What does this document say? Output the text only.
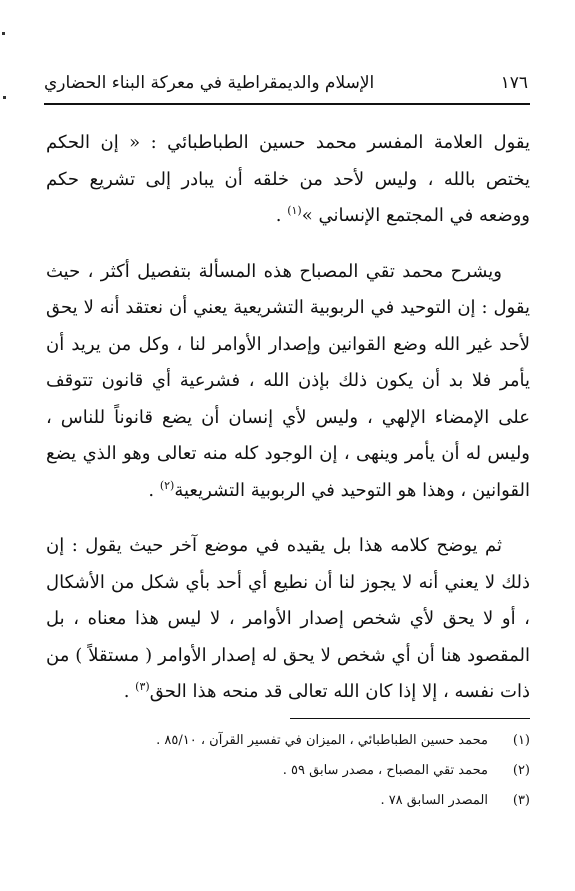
١٧٦
الإسلام والديمقراطية في معركة البناء الحضاري

يقول العلامة المفسر محمد حسين الطباطبائي : « إن الحكم يختص بالله ، وليس لأحد من خلقه أن يبادر إلى تشريع حكم ووضعه في المجتمع الإنساني »$^{(١)}$ .

ويشرح محمد تقي المصباح هذه المسألة بتفصيل أكثر ، حيث يقول : إن التوحيد في الربوبية التشريعية يعني أن نعتقد أنه لا يحق لأحد غير الله وضع القوانين وإصدار الأوامر لنا ، وكل من يريد أن يأمر فلا بد أن يكون ذلك بإذن الله ، فشرعية أي قانون تتوقف على الإمضاء الإلهي ، وليس لأي إنسان أن يضع قانوناً للناس ، وليس له أن يأمر وينهى ، إن الوجود كله منه تعالى وهو الذي يضع القوانين ، وهذا هو التوحيد في الربوبية التشريعية$^{(٢)}$ .

ثم يوضح كلامه هذا بل يقيده في موضع آخر حيث يقول : إن ذلك لا يعني أنه لا يجوز لنا أن نطيع أي أحد بأي شكل من الأشكال ، أو لا يحق لأي شخص إصدار الأوامر ، لا ليس هذا معناه ، بل المقصود هنا أن أي شخص لا يحق له إصدار الأوامر ( مستقلاً ) من ذات نفسه ، إلا إذا كان الله تعالى قد منحه هذا الحق$^{(٣)}$ .

(١)
محمد حسين الطباطبائي ، الميزان في تفسير القرآن ، ٨٥/١٠ .
(٢)
محمد تقي المصباح ، مصدر سابق ٥٩ .
(٣)
المصدر السابق ٧٨ .
